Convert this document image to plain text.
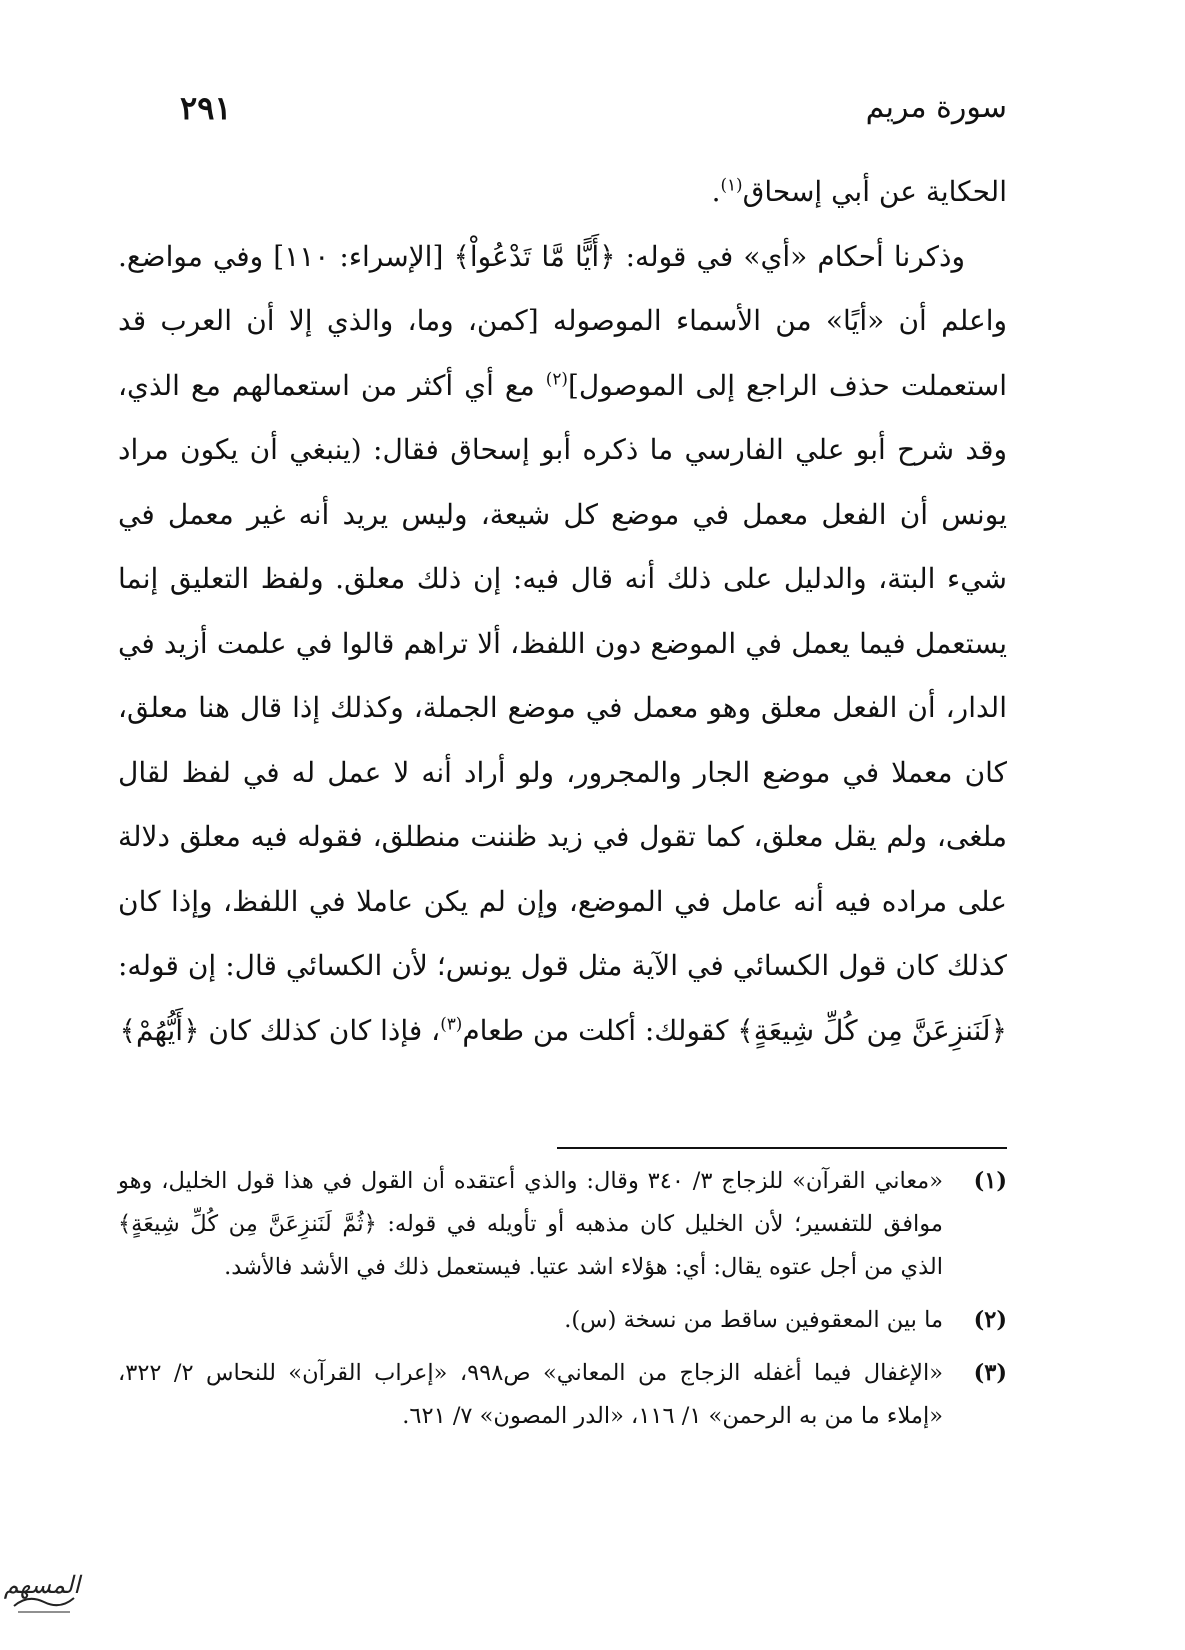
سورة مريم
٢٩١

الحكاية عن أبي إسحاق$^{(١)}$.

وذكرنا أحكام «أي» في قوله: ﴿أَيًّا مَّا تَدْعُواْ﴾ [الإسراء: ١١٠] وفي مواضع. واعلم أن «أيًا» من الأسماء الموصوله [كمن، وما، والذي إلا أن العرب قد استعملت حذف الراجع إلى الموصول]$^{(٢)}$ مع أي أكثر من استعمالهم مع الذي، وقد شرح أبو علي الفارسي ما ذكره أبو إسحاق فقال: (ينبغي أن يكون مراد يونس أن الفعل معمل في موضع كل شيعة، وليس يريد أنه غير معمل في شيء البتة، والدليل على ذلك أنه قال فيه: إن ذلك معلق. ولفظ التعليق إنما يستعمل فيما يعمل في الموضع دون اللفظ، ألا تراهم قالوا في علمت أزيد في الدار، أن الفعل معلق وهو معمل في موضع الجملة، وكذلك إذا قال هنا معلق، كان معملا في موضع الجار والمجرور، ولو أراد أنه لا عمل له في لفظ لقال ملغى، ولم يقل معلق، كما تقول في زيد ظننت منطلق، فقوله فيه معلق دلالة على مراده فيه أنه عامل في الموضع، وإن لم يكن عاملا في اللفظ، وإذا كان كذلك كان قول الكسائي في الآية مثل قول يونس؛ لأن الكسائي قال: إن قوله: ﴿لَنَنزِعَنَّ مِن كُلِّ شِيعَةٍ﴾ كقولك: أكلت من طعام$^{(٣)}$، فإذا كان كذلك كان ﴿أَيُّهُمْ﴾

(١)
«معاني القرآن» للزجاج ٣/ ٣٤٠ وقال: والذي أعتقده أن القول في هذا قول الخليل، وهو موافق للتفسير؛ لأن الخليل كان مذهبه أو تأويله في قوله: ﴿ثُمَّ لَنَنزِعَنَّ مِن كُلِّ شِيعَةٍ﴾ الذي من أجل عتوه يقال: أي: هؤلاء اشد عتيا. فيستعمل ذلك في الأشد فالأشد.
(٢)
ما بين المعقوفين ساقط من نسخة (س).
(٣)
«الإغفال فيما أغفله الزجاج من المعاني» ص٩٩٨، «إعراب القرآن» للنحاس ٢/ ٣٢٢، «إملاء ما من به الرحمن» ١/ ١١٦، «الدر المصون» ٧/ ٦٢١.
المسهم
